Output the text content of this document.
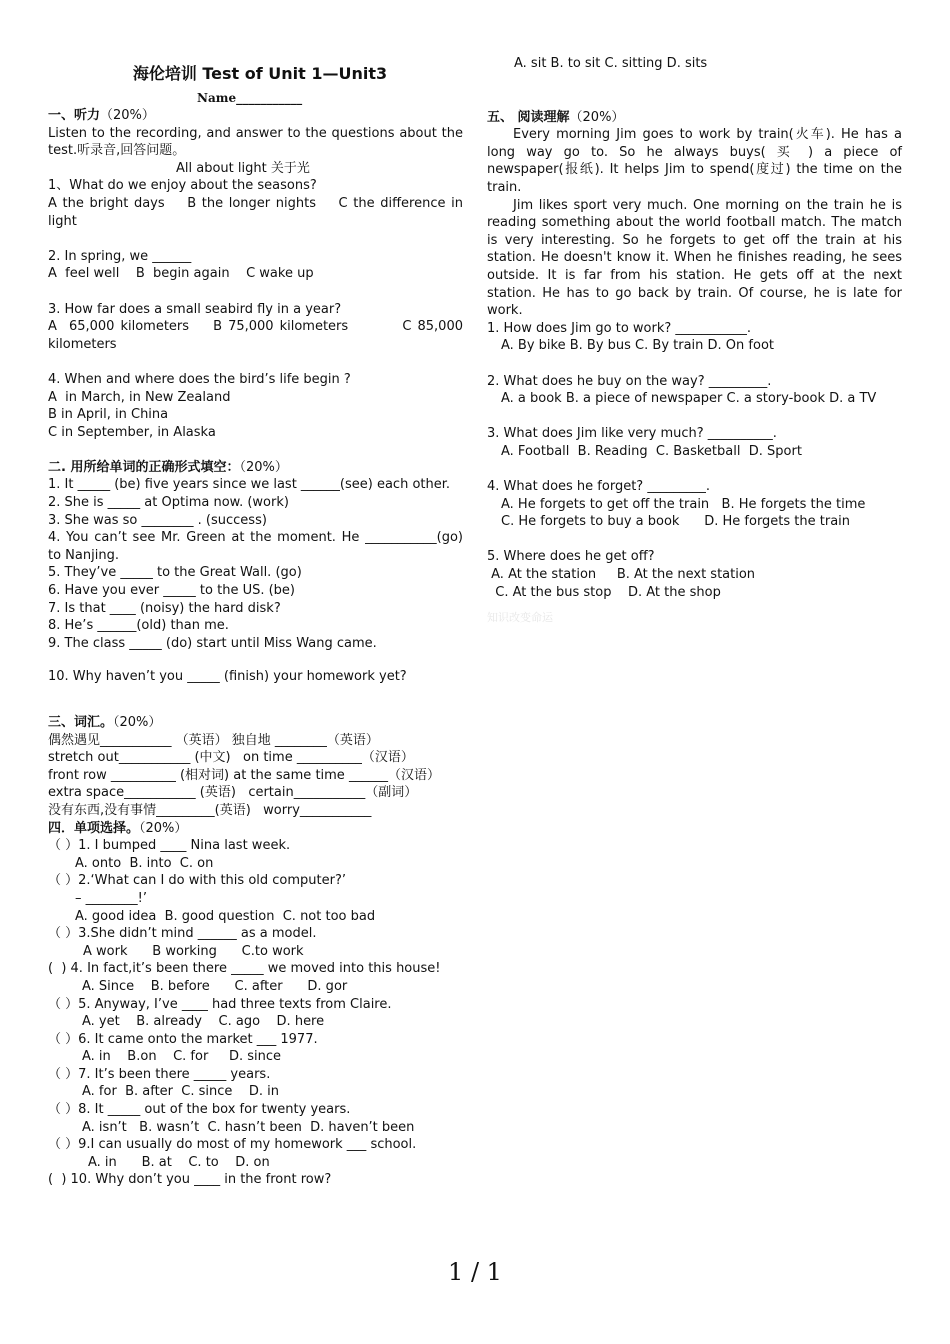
海伦培训 Test of Unit 1—Unit3
Name___________

一、听力（20%）

Listen to the recording, and answer to the questions about the test.听录音,回答问题。

All about light 关于光

1、What do we enjoy about the seasons?

A the bright days    B the longer nights    C the difference in light

2. In spring, we ______

A  feel well    B  begin again    C wake up

3. How far does a small seabird fly in a year?

A  65,000 kilometers    B 75,000 kilometers         C 85,000 kilometers

4. When and where does the bird’s life begin ?

A  in March, in New Zealand

B in April, in China

C in September, in Alaska

二. 用所给单词的正确形式填空：（20%）

1. It _____ (be) five years since we last ______(see) each other.

2. She is _____ at Optima now. (work)

3. She was so ________ . (success)

4. You can’t see Mr. Green at the moment. He ___________(go) to Nanjing.

5. They’ve _____ to the Great Wall. (go)

6. Have you ever _____ to the US. (be)

7. Is that ____ (noisy) the hard disk?

8. He’s ______(old) than me.

9. The class _____ (do) start until Miss Wang came.

10. Why haven’t you _____ (finish) your homework yet?

三、词汇。（20%）

偶然遇见___________ （英语） 独自地 ________（英语）

stretch out___________ (中文)   on time __________（汉语）

front row __________ (相对词) at the same time ______（汉语）

extra space___________ (英语)   certain___________（副词）

没有东西,没有事情_________(英语)   worry___________

四．单项选择。（20%）

（ ）1. I bumped ____ Nina last week.

A. onto  B. into  C. on

（ ）2.‘What can I do with this old computer?’

– ________!’

A. good idea  B. good question  C. not too bad

（ ）3.She didn’t mind ______ as a model.

A work      B working      C.to work

(  ) 4. In fact,it’s been there _____ we moved into this house!

A. Since    B. before      C. after      D. gor

（ ）5. Anyway, I’ve ____ had three texts from Claire.

A. yet    B. already    C. ago    D. here

（ ）6. It came onto the market ___ 1977.

A. in    B.on    C. for     D. since

（ ）7. It’s been there _____ years.

A. for  B. after  C. since    D. in

（ ）8. It _____ out of the box for twenty years.

A. isn’t   B. wasn’t  C. hasn’t been  D. haven’t been

（ ）9.I can usually do most of my homework ___ school.

A. in      B. at    C. to    D. on

(  ) 10. Why don’t you ____ in the front row?

A. sit B. to sit C. sitting D. sits

五、 阅读理解（20%）

Every morning Jim goes to work by train(火车). He has a long way go to. So he always buys( 买 ) a piece of newspaper(报纸). It helps Jim to spend(度过) the time on the train.

Jim likes sport very much. One morning on the train he is reading something about the world football match. The match is very interesting. So he forgets to get off the train at his station. He doesn't know it. When he finishes reading, he sees outside. It is far from his station. He gets off at the next station. He has to go back by train. Of course, he is late for work.

1. How does Jim go to work? ___________.

A. By bike B. By bus C. By train D. On foot

2. What does he buy on the way? _________.

A. a book B. a piece of newspaper C. a story-book D. a TV

3. What does Jim like very much? __________.

A. Football  B. Reading  C. Basketball  D. Sport

4. What does he forget? _________.

A. He forgets to get off the train   B. He forgets the time

C. He forgets to buy a book      D. He forgets the train

5. Where does he get off?

A. At the station     B. At the next station

C. At the bus stop    D. At the shop

知识改变命运

1 / 1
